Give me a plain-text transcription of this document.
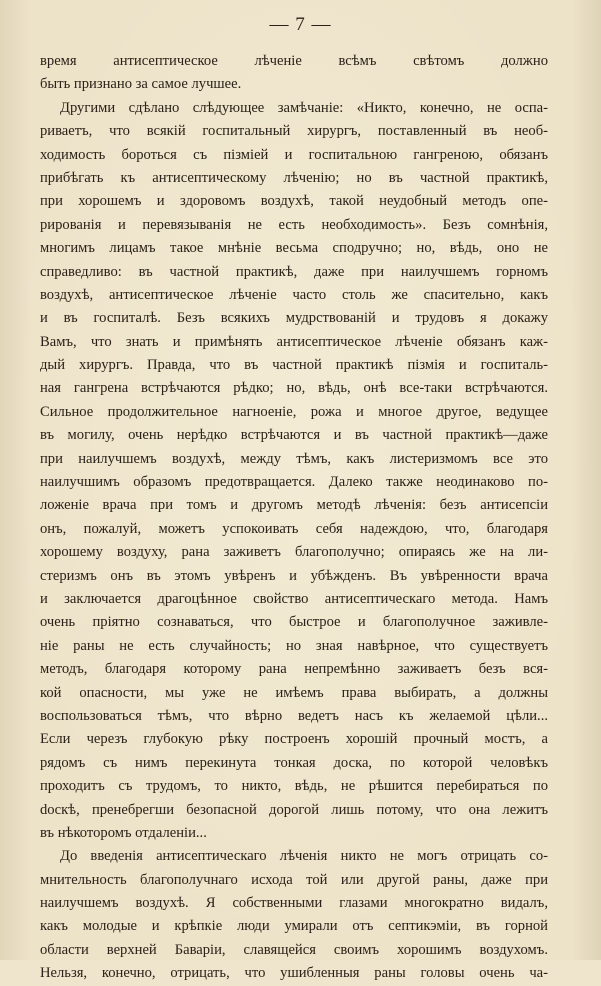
— 7 —
время антисептическое лѣченіе всѣмъ свѣтомъ должно
быть признано за самое лучшее.
Другими сдѣлано слѣдующее замѣчаніе: «Никто, конечно, не оспа-
риваетъ, что всякій госпитальный хирургъ, поставленный въ необ-
ходимость бороться съ пізміей и госпитальною гангреною, обязанъ
прибѣгать къ антисептическому лѣченію; но въ частной практикѣ,
при хорошемъ и здоровомъ воздухѣ, такой неудобный методъ опе-
рированія и перевязыванія не есть необходимость». Безъ сомнѣнія,
многимъ лицамъ такое мнѣніе весьма сподручно; но, вѣдь, оно не
справедливо: въ частной практикѣ, даже при наилучшемъ горномъ
воздухѣ, антисептическое лѣченіе часто столь же спасительно, какъ
и въ госпиталѣ. Безъ всякихъ мудрствованій и трудовъ я докажу
Вамъ, что знать и примѣнять антисептическое лѣченіе обязанъ каж-
дый хирургъ. Правда, что въ частной практикѣ пізмія и госпиталь-
ная гангрена встрѣчаются рѣдко; но, вѣдь, онѣ все-таки встрѣчаются.
Сильное продолжительное нагноеніе, рожа и многое другое, ведущее
въ могилу, очень нерѣдко встрѣчаются и въ частной практикѣ—даже
при наилучшемъ воздухѣ, между тѣмъ, какъ листеризмомъ все это
наилучшимъ образомъ предотвращается. Далеко также неодинаково по-
ложеніе врача при томъ и другомъ методѣ лѣченія: безъ антисепсіи
онъ, пожалуй, можетъ успокоивать себя надеждою, что, благодаря
хорошему воздуху, рана заживетъ благополучно; опираясь же на ли-
стеризмъ онъ въ этомъ увѣренъ и убѣжденъ. Въ увѣренности врача
и заключается драгоцѣнное свойство антисептическаго метода. Намъ
очень пріятно сознаваться, что быстрое и благополучное заживле-
ніе раны не есть случайность; но зная навѣрное, что существуетъ
методъ, благодаря которому рана непремѣнно заживаетъ безъ вся-
кой опасности, мы уже не имѣемъ права выбирать, а должны
воспользоваться тѣмъ, что вѣрно ведетъ насъ къ желаемой цѣли...
Если черезъ глубокую рѣку построенъ хорошій прочный мостъ, а
рядомъ съ нимъ перекинута тонкая доска, по которой человѣкъ
проходитъ съ трудомъ, то никто, вѣдь, не рѣшится перебираться по
doскѣ, пренебрегши безопасной дорогой лишь потому, что она лежитъ
въ нѣкоторомъ отдаленіи...
До введенія антисептическаго лѣченія никто не могъ отрицать со-
мнительность благополучнаго исхода той или другой раны, даже при
наилучшемъ воздухѣ. Я собственными глазами многократно видалъ,
какъ молодые и крѣпкіе люди умирали отъ септикэміи, въ горной
области верхней Баваріи, славящейся своимъ хорошимъ воздухомъ.
Нельзя, конечно, отрицать, что ушибленныя раны головы очень ча-
